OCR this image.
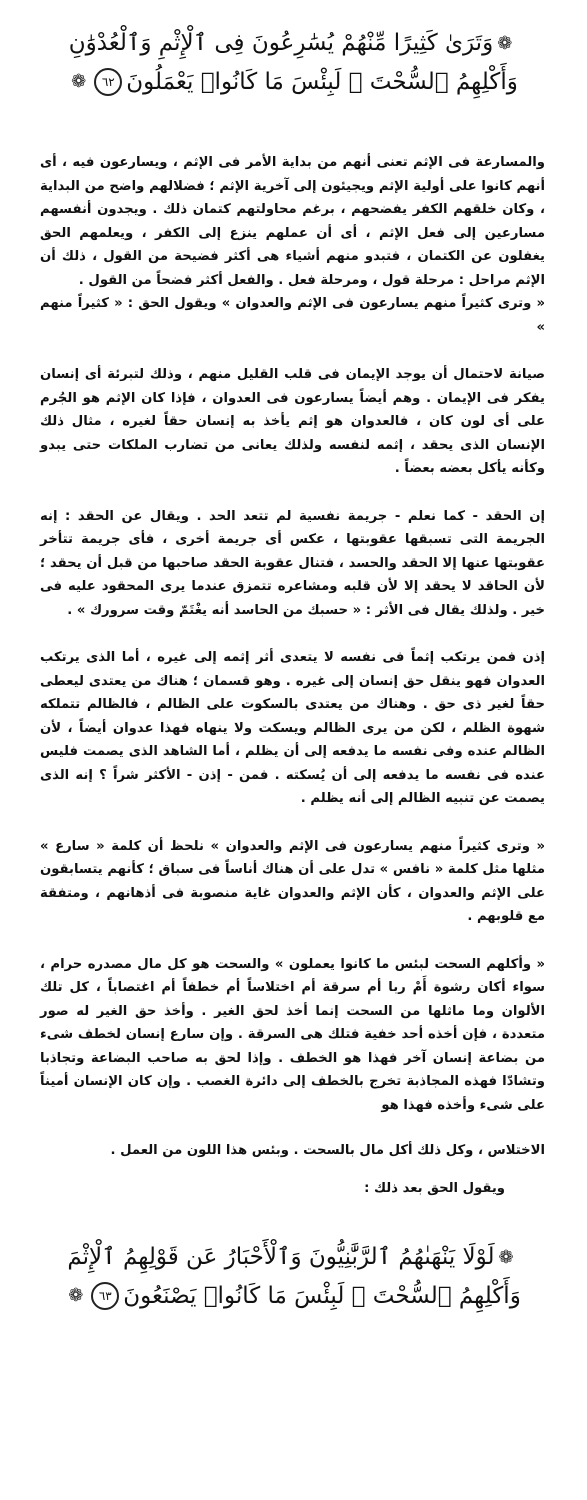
❁وَتَرَىٰ كَثِيرًا مِّنْهُمْ يُسَٰرِعُونَ فِى ٱلْإِثْمِ وَٱلْعُدْوَٰنِ
وَأَكْلِهِمُ ٱلسُّحْتَ ۚ لَبِئْسَ مَا كَانُوا۟ يَعْمَلُونَ٦٢❁

والمسارعة فى الإثم تعنى أنهم من بداية الأمر فى الإثم ، ويسارعون فيه ، أى أنهم كانوا على أولية الإثم ويجيئون إلى آخرية الإثم ؛ فضلالهم واضح من البداية ، وكان خلقهم الكفر يفضحهم ، برغم محاولتهم كتمان ذلك . ويجدون أنفسهم مسارعين إلى فعل الإثم ، أى أن عملهم ينزع إلى الكفر ، ويعلمهم الحق يغفلون عن الكتمان ، فتبدو منهم أشياء هى أكثر فضيحة من القول ، ذلك أن الإثم مراحل : مرحلة قول ، ومرحلة فعل . والفعل أكثر فضحاً من القول .

« وترى كثيراً منهم يسارعون فى الإثم والعدوان » ويقول الحق : « كثيراً منهم »

صيانة لاحتمال أن يوجد الإيمان فى قلب القليل منهم ، وذلك لتبرئة أى إنسان يفكر فى الإيمان . وهم أيضاً يسارعون فى العدوان ، فإذا كان الإثم هو الجُرم على أى لون كان ، فالعدوان هو إثم يأخذ به إنسان حقاً لغيره ، مثال ذلك الإنسان الذى يحقد ، إثمه لنفسه ولذلك يعانى من تضارب الملكات حتى يبدو وكأنه يأكل بعضه بعضاً .

إن الحقد - كما نعلم - جريمة نفسية لم تتعد الحد . ويقال عن الحقد : إنه الجريمة التى تسبقها عقوبتها ، عكس أى جريمة أخرى ، فأى جريمة تتأخر عقوبتها عنها إلا الحقد والحسد ، فتنال عقوبة الحقد صاحبها من قبل أن يحقد ؛ لأن الحاقد لا يحقد إلا لأن قلبه ومشاعره تتمزق عندما يرى المحقود عليه فى خير . ولذلك يقال فى الأثر : « حسبك من الحاسد أنه يغْتَمّ وقت سرورك » .

إذن فمن يرتكب إثماً فى نفسه لا يتعدى أثر إثمه إلى غيره ، أما الذى يرتكب العدوان فهو ينقل حق إنسان إلى غيره . وهو قسمان ؛ هناك من يعتدى ليعطى حقاً لغير ذى حق . وهناك من يعتدى بالسكوت على الظالم ، فالظالم تتملكه شهوة الظلم ، لكن من يرى الظالم ويسكت ولا ينهاه فهذا عدوان أيضاً ، لأن الظالم عنده وفى نفسه ما يدفعه إلى أن يظلم ، أما الشاهد الذى يصمت فليس عنده فى نفسه ما يدفعه إلى أن يُسكته . فمن - إذن - الأكثر شراً ؟ إنه الذى يصمت عن تنبيه الظالم إلى أنه يظلم .

« وترى كثيراً منهم يسارعون فى الإثم والعدوان » نلحظ أن كلمة « سارع » مثلها مثل كلمة « نافس » تدل على أن هناك أناساً فى سباق ؛ كأنهم يتسابقون على الإثم والعدوان ، كأن الإثم والعدوان غاية منصوبة فى أذهانهم ، ومتفقة مع قلوبهم .

« وأكلهم السحت لبئس ما كانوا يعملون » والسحت هو كل مال مصدره حرام ، سواء أكان رشوة أَمْ ربا أم سرقة أم اختلاساً أم خطفاً أم اغتصاباً ، كل تلك الألوان وما ماثلها من السحت إنما أخذ لحق الغير . وأخذ حق الغير له صور متعددة ، فإن أخذه أحد خفية فتلك هى السرقة . وإن سارع إنسان لخطف شىء من بضاعة إنسان آخر فهذا هو الخطف . وإذا لحق به صاحب البضاعة وتجاذبا وتشادّا فهذه المجاذبة تخرج بالخطف إلى دائرة الغصب . وإن كان الإنسان أميناً على شىء وأخذه فهذا هو

الاختلاس ، وكل ذلك أكل مال بالسحت . وبئس هذا اللون من العمل .

ويقول الحق بعد ذلك :

❁لَوْلَا يَنْهَىٰهُمُ ٱلرَّبَّٰنِيُّونَ وَٱلْأَحْبَارُ عَن قَوْلِهِمُ ٱلْإِثْمَ
وَأَكْلِهِمُ ٱلسُّحْتَ ۚ لَبِئْسَ مَا كَانُوا۟ يَصْنَعُونَ٦٣❁
